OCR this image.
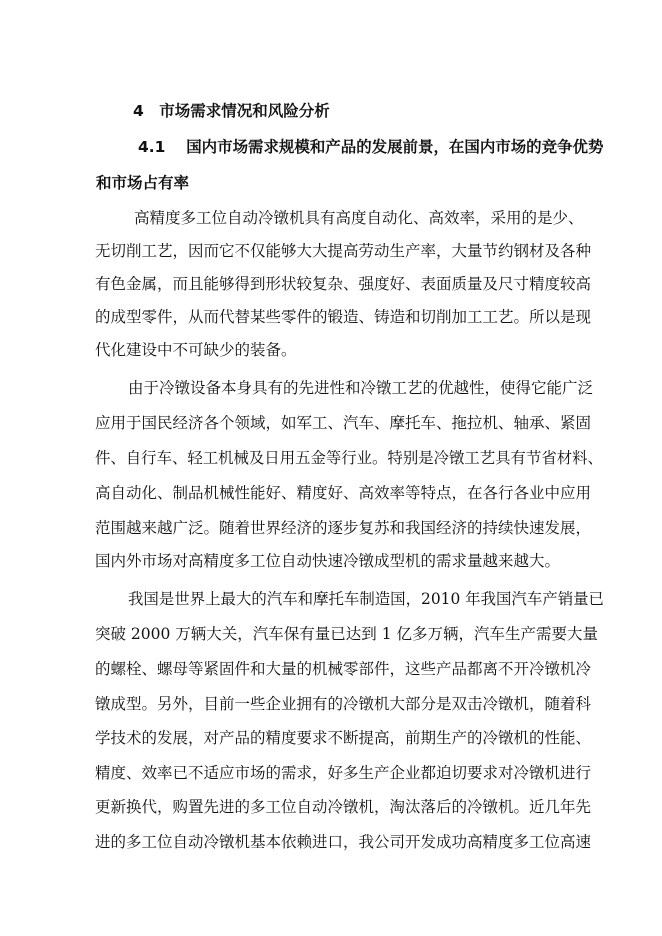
4　市场需求情况和风险分析
4.1　 国内市场需求规模和产品的发展前景，在国内市场的竞争优势
和市场占有率
高精度多工位自动冷镦机具有高度自动化、高效率，采用的是少、
无切削工艺，因而它不仅能够大大提高劳动生产率，大量节约钢材及各种
有色金属，而且能够得到形状较复杂、强度好、表面质量及尺寸精度较高
的成型零件，从而代替某些零件的锻造、铸造和切削加工工艺。所以是现
代化建设中不可缺少的装备。
由于冷镦设备本身具有的先进性和冷镦工艺的优越性，使得它能广泛
应用于国民经济各个领域，如军工、汽车、摩托车、拖拉机、轴承、紧固
件、自行车、轻工机械及日用五金等行业。特别是冷镦工艺具有节省材料、
高自动化、制品机械性能好、精度好、高效率等特点，在各行各业中应用
范围越来越广泛。随着世界经济的逐步复苏和我国经济的持续快速发展，
国内外市场对高精度多工位自动快速冷镦成型机的需求量越来越大。
我国是世界上最大的汽车和摩托车制造国，2010 年我国汽车产销量已
突破 2000 万辆大关，汽车保有量已达到 1 亿多万辆，汽车生产需要大量
的螺栓、螺母等紧固件和大量的机械零部件，这些产品都离不开冷镦机冷
镦成型。另外，目前一些企业拥有的冷镦机大部分是双击冷镦机，随着科
学技术的发展，对产品的精度要求不断提高，前期生产的冷镦机的性能、
精度、效率已不适应市场的需求，好多生产企业都迫切要求对冷镦机进行
更新换代，购置先进的多工位自动冷镦机，淘汰落后的冷镦机。近几年先
进的多工位自动冷镦机基本依赖进口，我公司开发成功高精度多工位高速
